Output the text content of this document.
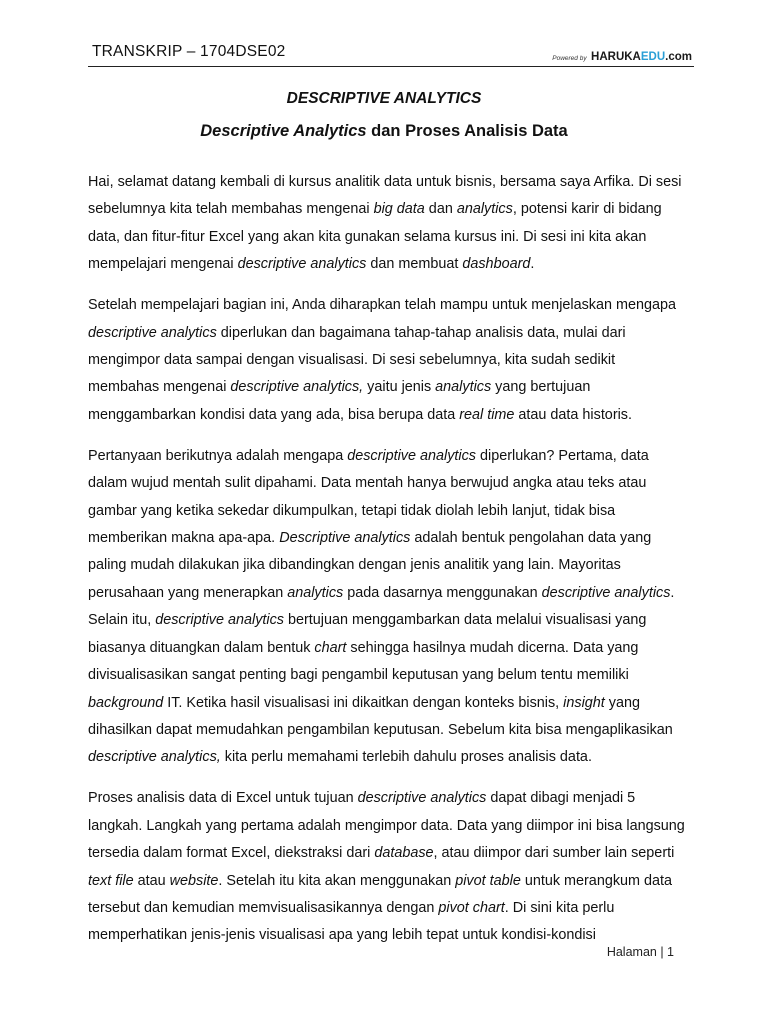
TRANSKRIP – 1704DSE02	Powered by HARUKAEDU.com
DESCRIPTIVE ANALYTICS
Descriptive Analytics dan Proses Analisis Data

Hai, selamat datang kembali di kursus analitik data untuk bisnis, bersama saya Arfika. Di sesi sebelumnya kita telah membahas mengenai big data dan analytics, potensi karir di bidang data, dan fitur-fitur Excel yang akan kita gunakan selama kursus ini. Di sesi ini kita akan mempelajari mengenai descriptive analytics dan membuat dashboard.

Setelah mempelajari bagian ini, Anda diharapkan telah mampu untuk menjelaskan mengapa descriptive analytics diperlukan dan bagaimana tahap-tahap analisis data, mulai dari mengimpor data sampai dengan visualisasi. Di sesi sebelumnya, kita sudah sedikit membahas mengenai descriptive analytics, yaitu jenis analytics yang bertujuan menggambarkan kondisi data yang ada, bisa berupa data real time atau data historis.

Pertanyaan berikutnya adalah mengapa descriptive analytics diperlukan? Pertama, data dalam wujud mentah sulit dipahami. Data mentah hanya berwujud angka atau teks atau gambar yang ketika sekedar dikumpulkan, tetapi tidak diolah lebih lanjut, tidak bisa memberikan makna apa-apa. Descriptive analytics adalah bentuk pengolahan data yang paling mudah dilakukan jika dibandingkan dengan jenis analitik yang lain. Mayoritas perusahaan yang menerapkan analytics pada dasarnya menggunakan descriptive analytics. Selain itu, descriptive analytics bertujuan menggambarkan data melalui visualisasi yang biasanya dituangkan dalam bentuk chart sehingga hasilnya mudah dicerna. Data yang divisualisasikan sangat penting bagi pengambil keputusan yang belum tentu memiliki background IT. Ketika hasil visualisasi ini dikaitkan dengan konteks bisnis, insight yang dihasilkan dapat memudahkan pengambilan keputusan. Sebelum kita bisa mengaplikasikan descriptive analytics, kita perlu memahami terlebih dahulu proses analisis data.

Proses analisis data di Excel untuk tujuan descriptive analytics dapat dibagi menjadi 5 langkah. Langkah yang pertama adalah mengimpor data. Data yang diimpor ini bisa langsung tersedia dalam format Excel, diekstraksi dari database, atau diimpor dari sumber lain seperti text file atau website. Setelah itu kita akan menggunakan pivot table untuk merangkum data tersebut dan kemudian memvisualisasikannya dengan pivot chart. Di sini kita perlu memperhatikan jenis-jenis visualisasi apa yang lebih tepat untuk kondisi-kondisi

Halaman | 1
